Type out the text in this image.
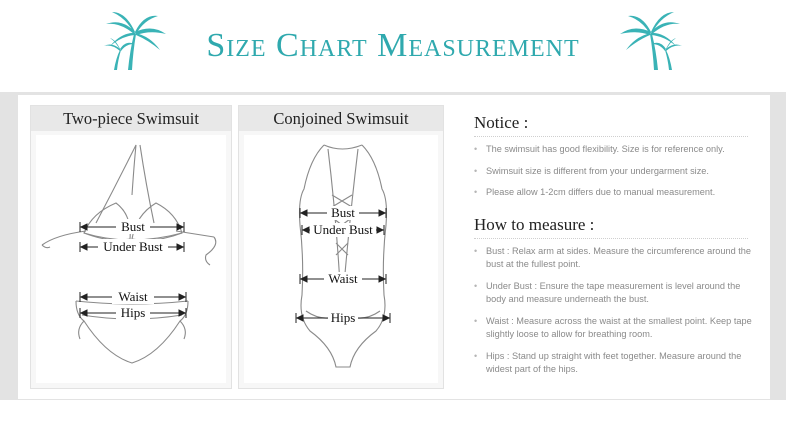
Size Chart Measurement
Two-piece Swimsuit
Bust
Under Bust
Waist
Hips
Conjoined Swimsuit
Bust
Under Bust
Waist
Hips
Notice :
• The swimsuit has good flexibility. Size is for reference only.
• Swimsuit size is different from your undergarment size.
• Please allow 1-2cm differs due to manual measurement.
How to measure :
• Bust : Relax arm at sides. Measure the circumference around the bust at the fullest point.
• Under Bust : Ensure the tape measurement is level around the body and measure underneath the bust.
• Waist : Measure across the waist at the smallest point. Keep tape slightly loose to allow for breathing room.
• Hips : Stand up straight with feet together. Measure around the widest part of the hips.
